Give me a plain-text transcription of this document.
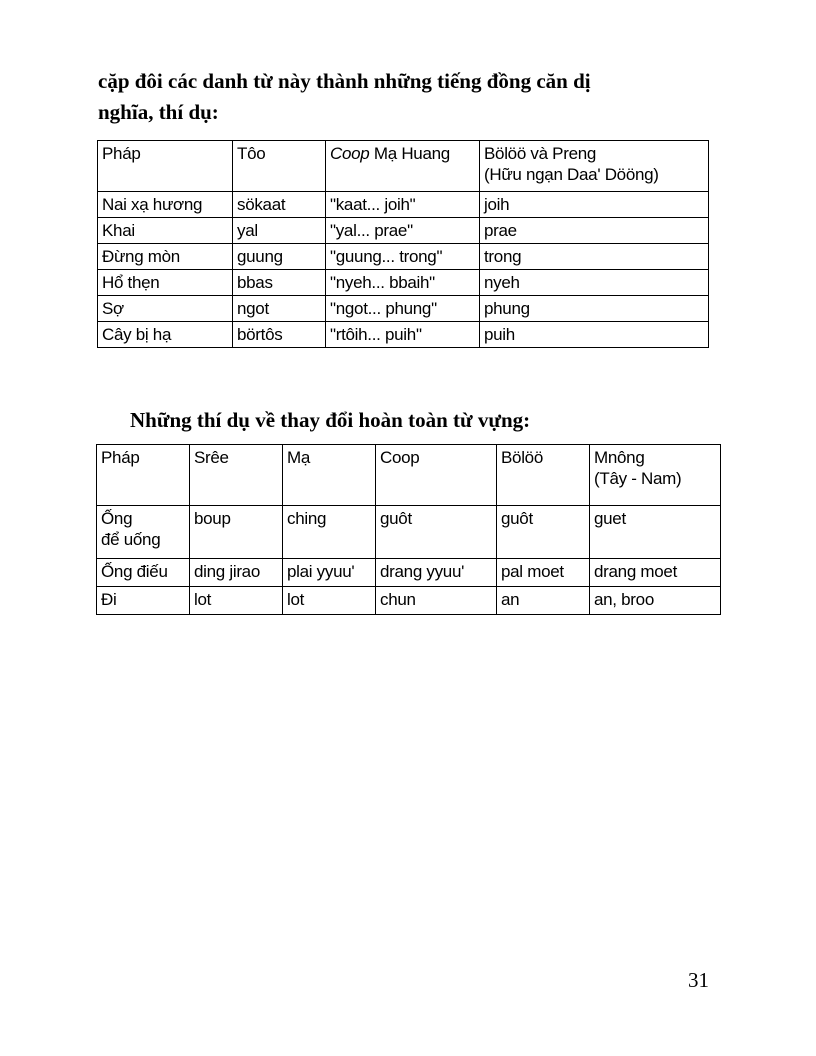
cặp đôi các danh từ này thành những tiếng đồng căn dị
nghĩa, thí dụ:
Pháp	Tôo	Coop Mạ Huang	Bölöö và Preng
(Hữu ngạn Daa' Dööng)

Nai xạ hương	sökaat	"kaat... joih"	joih
Khai	yal	"yal... prae"	prae
Đừng mòn	guung	"guung... trong"	trong
Hổ thẹn	bbas	"nyeh... bbaih"	nyeh
Sợ	ngot	"ngot... phung"	phung
Cây bị hạ	börtôs	"rtôih... puih"	puih
Những thí dụ về thay đổi hoàn toàn từ vựng:
Pháp	Srêe	Mạ	Coop	Bölöö	Mnông
(Tây - Nam)

Ống
để uống	boup	ching	guôt	guôt	guet
Ống điếu	ding jirao	plai yyuu'	drang yyuu'	pal moet	drang moet
Đi	lot	lot	chun	an	an, broo
31
